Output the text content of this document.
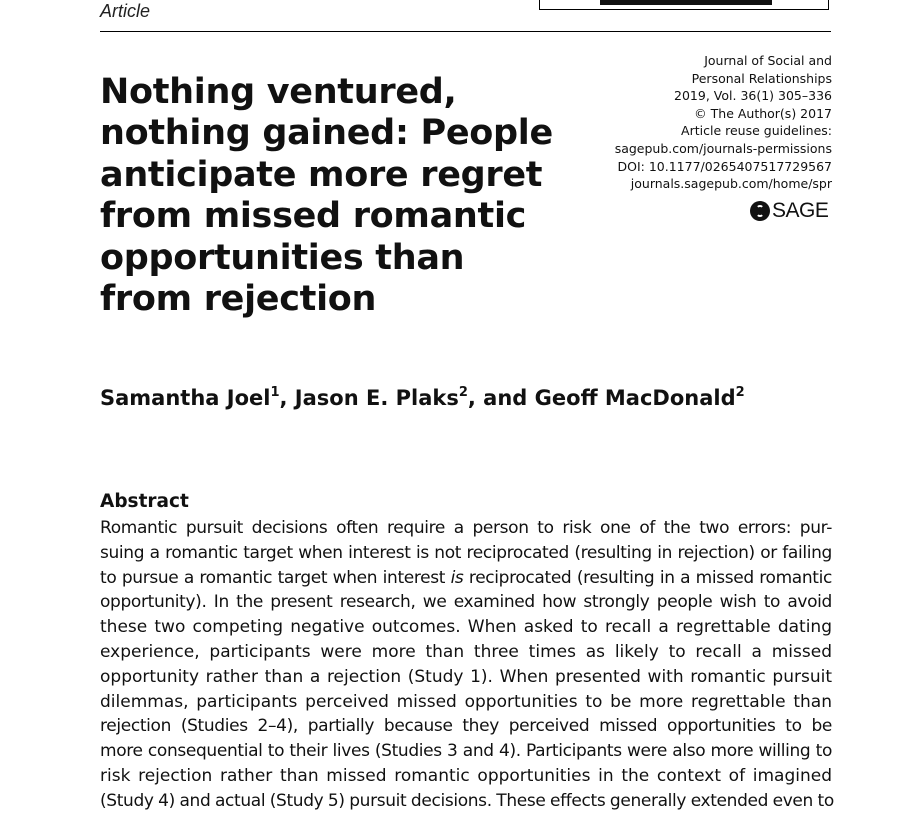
Article
Nothing ventured,
nothing gained: People
anticipate more regret
from missed romantic
opportunities than
from rejection
Journal of Social and
Personal Relationships
2019, Vol. 36(1) 305–336
© The Author(s) 2017
Article reuse guidelines:
sagepub.com/journals-permissions
DOI: 10.1177/0265407517729567
journals.sagepub.com/home/spr
SAGE
Samantha Joel$^1$, Jason E. Plaks$^2$, and Geoff MacDonald$^2$
Abstract
Romantic pursuit decisions often require a person to risk one of the two errors: pur-
suing a romantic target when interest is not reciprocated (resulting in rejection) or failing
to pursue a romantic target when interest is reciprocated (resulting in a missed romantic
opportunity). In the present research, we examined how strongly people wish to avoid
these two competing negative outcomes. When asked to recall a regrettable dating
experience, participants were more than three times as likely to recall a missed
opportunity rather than a rejection (Study 1). When presented with romantic pursuit
dilemmas, participants perceived missed opportunities to be more regrettable than
rejection (Studies 2–4), partially because they perceived missed opportunities to be
more consequential to their lives (Studies 3 and 4). Participants were also more willing to
risk rejection rather than missed romantic opportunities in the context of imagined
(Study 4) and actual (Study 5) pursuit decisions. These effects generally extended even to
